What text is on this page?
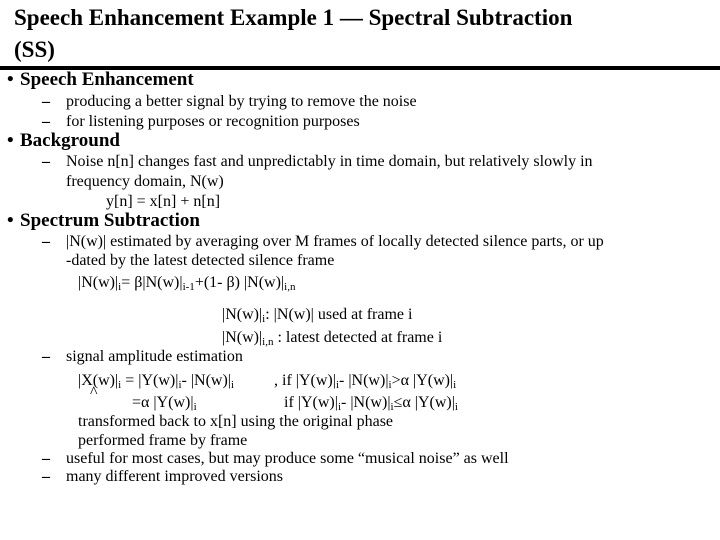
Speech Enhancement Example 1 — Spectral Subtraction
(SS)
• Speech Enhancement
– producing a better signal by trying to remove the noise
– for listening purposes or recognition purposes
• Background
– Noise n[n] changes fast and unpredictably in time domain, but relatively slowly in
frequency domain, N(w)
y[n] = x[n] + n[n]
• Spectrum Subtraction
– |N(w)| estimated by averaging over M frames of locally detected silence parts, or up
-dated by the latest detected silence frame
$|N(w)|_i= \beta|N(w)|_{i-1}+(1-$ β) $|N(w)|_{i,n}$
$|N(w)|_i$: |N(w)| used at frame i
$|N(w)|_{i,n}$ : latest detected at frame i
– signal amplitude estimation
$|X(w)|_i = |Y(w)|_i-$ $|N(w)|_i$ , if $|Y(w)|_i-$ $|N(w)|_i>\alpha$ $|Y(w)|_i$
^
=α $|Y(w)|_i$	if $|Y(w)|_i-$ $|N(w)|_i\le\alpha$ $|Y(w)|_i$
transformed back to x[n] using the original phase
performed frame by frame
– useful for most cases, but may produce some “musical noise” as well
– many different improved versions
